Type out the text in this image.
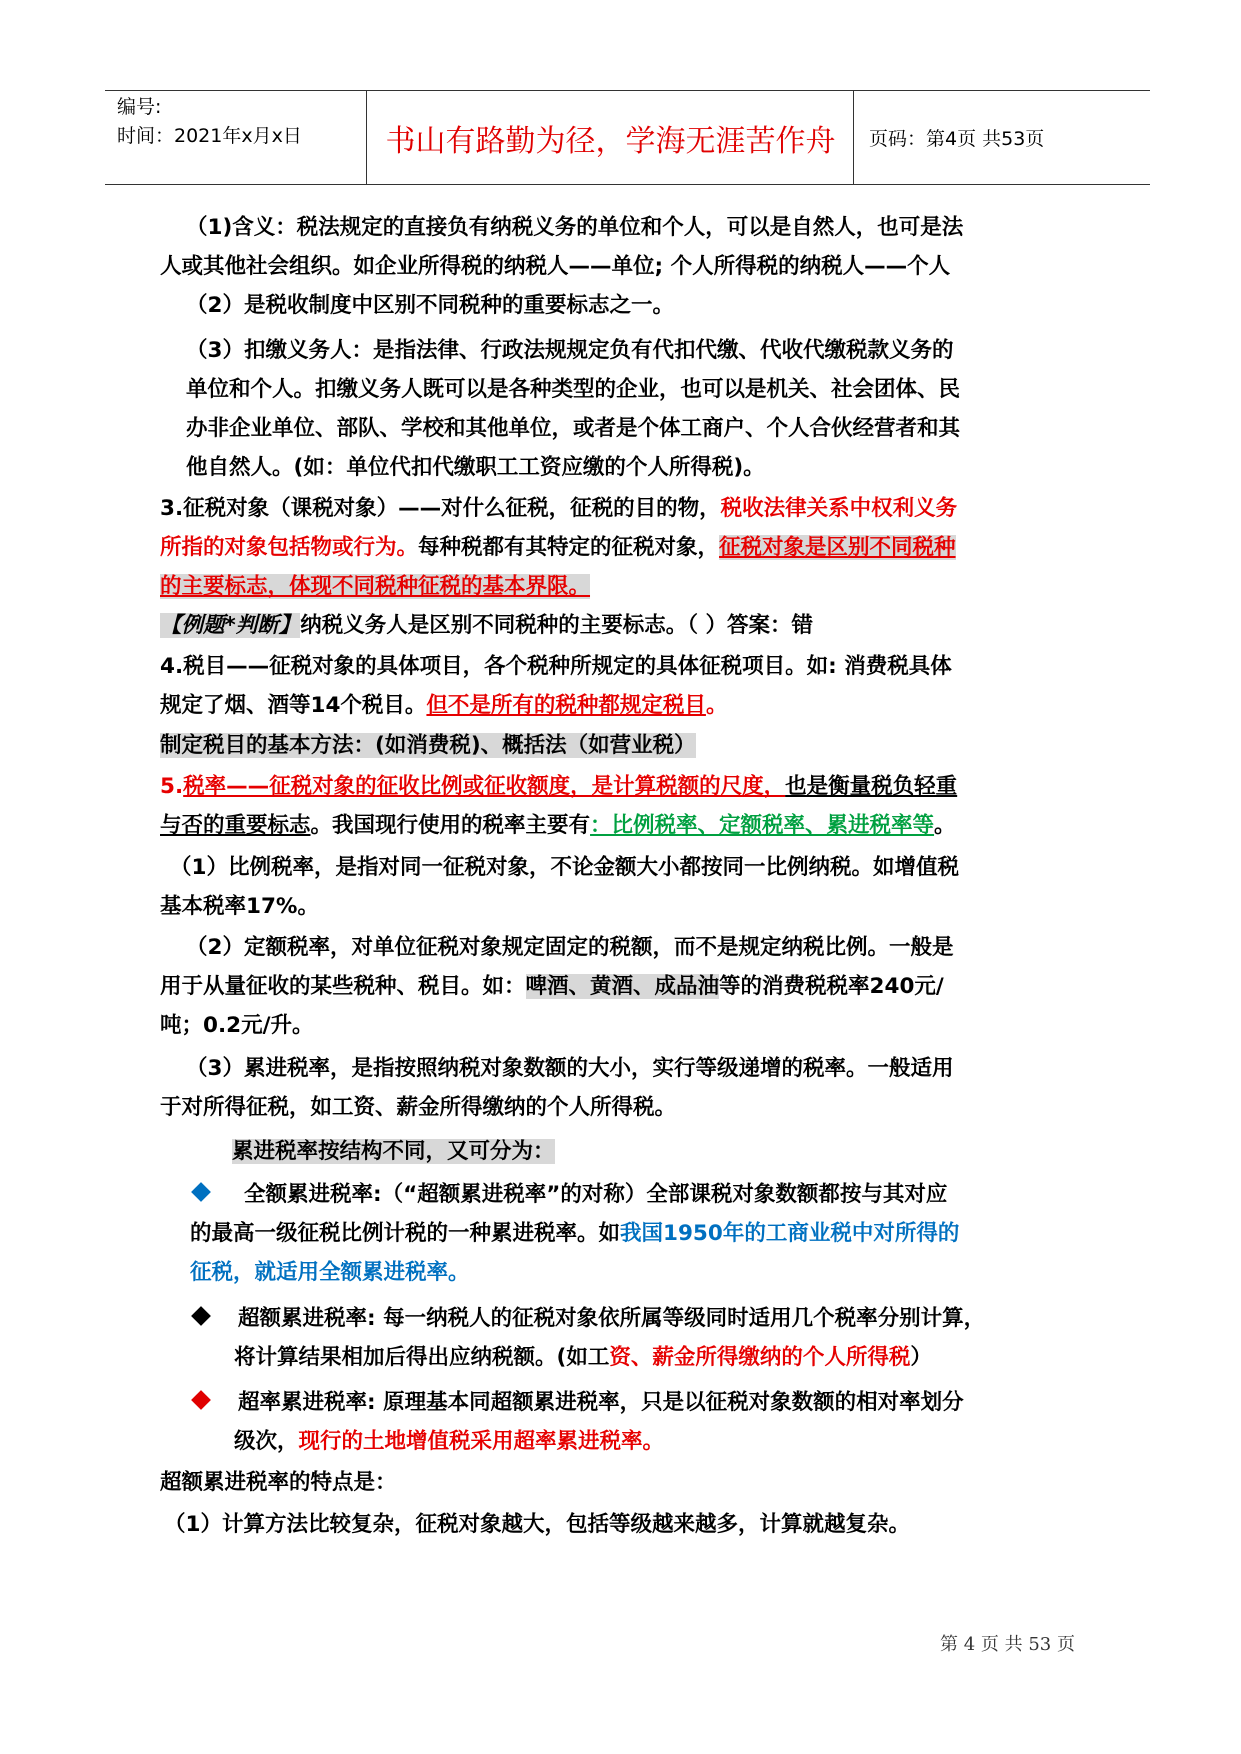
编号:
时间：2021年x月x日	书山有路勤为径，学海无涯苦作舟	页码：第4页 共53页
（1)含义：税法规定的直接负有纳税义务的单位和个人，可以是自然人，也可是法
人或其他社会组织。如企业所得税的纳税人——单位; 个人所得税的纳税人——个人
（2）是税收制度中区别不同税种的重要标志之一。
（3）扣缴义务人：是指法律、行政法规规定负有代扣代缴、代收代缴税款义务的
单位和个人。扣缴义务人既可以是各种类型的企业，也可以是机关、社会团体、民
办非企业单位、部队、学校和其他单位，或者是个体工商户、个人合伙经营者和其
他自然人。(如：单位代扣代缴职工工资应缴的个人所得税)。
3.征税对象（课税对象）——对什么征税，征税的目的物，税收法律关系中权利义务
所指的对象包括物或行为。每种税都有其特定的征税对象，征税对象是区别不同税种
的主要标志，体现不同税种征税的基本界限。
【例题*判断】纳税义务人是区别不同税种的主要标志。（ ）答案：错
4.税目——征税对象的具体项目，各个税种所规定的具体征税项目。如: 消费税具体
规定了烟、酒等14个税目。但不是所有的税种都规定税目。
制定税目的基本方法：(如消费税)、概括法（如营业税）
5.税率——征税对象的征收比例或征收额度，是计算税额的尺度，也是衡量税负轻重
与否的重要标志。我国现行使用的税率主要有：比例税率、定额税率、累进税率等。
（1）比例税率，是指对同一征税对象，不论金额大小都按同一比例纳税。如增值税
基本税率17%。
（2）定额税率，对单位征税对象规定固定的税额，而不是规定纳税比例。一般是
用于从量征收的某些税种、税目。如：啤酒、黄酒、成品油等的消费税税率240元/
吨；0.2元/升。
（3）累进税率，是指按照纳税对象数额的大小，实行等级递增的税率。一般适用
于对所得征税，如工资、薪金所得缴纳的个人所得税。
累进税率按结构不同，又可分为：
全额累进税率:（“超额累进税率”的对称）全部课税对象数额都按与其对应
的最高一级征税比例计税的一种累进税率。如我国1950年的工商业税中对所得的
征税，就适用全额累进税率。
超额累进税率: 每一纳税人的征税对象依所属等级同时适用几个税率分别计算，
将计算结果相加后得出应纳税额。(如工资、薪金所得缴纳的个人所得税）
超率累进税率: 原理基本同超额累进税率，只是以征税对象数额的相对率划分
级次，现行的土地增值税采用超率累进税率。
超额累进税率的特点是：
（1）计算方法比较复杂，征税对象越大，包括等级越来越多，计算就越复杂。
第 4 页 共 53 页
